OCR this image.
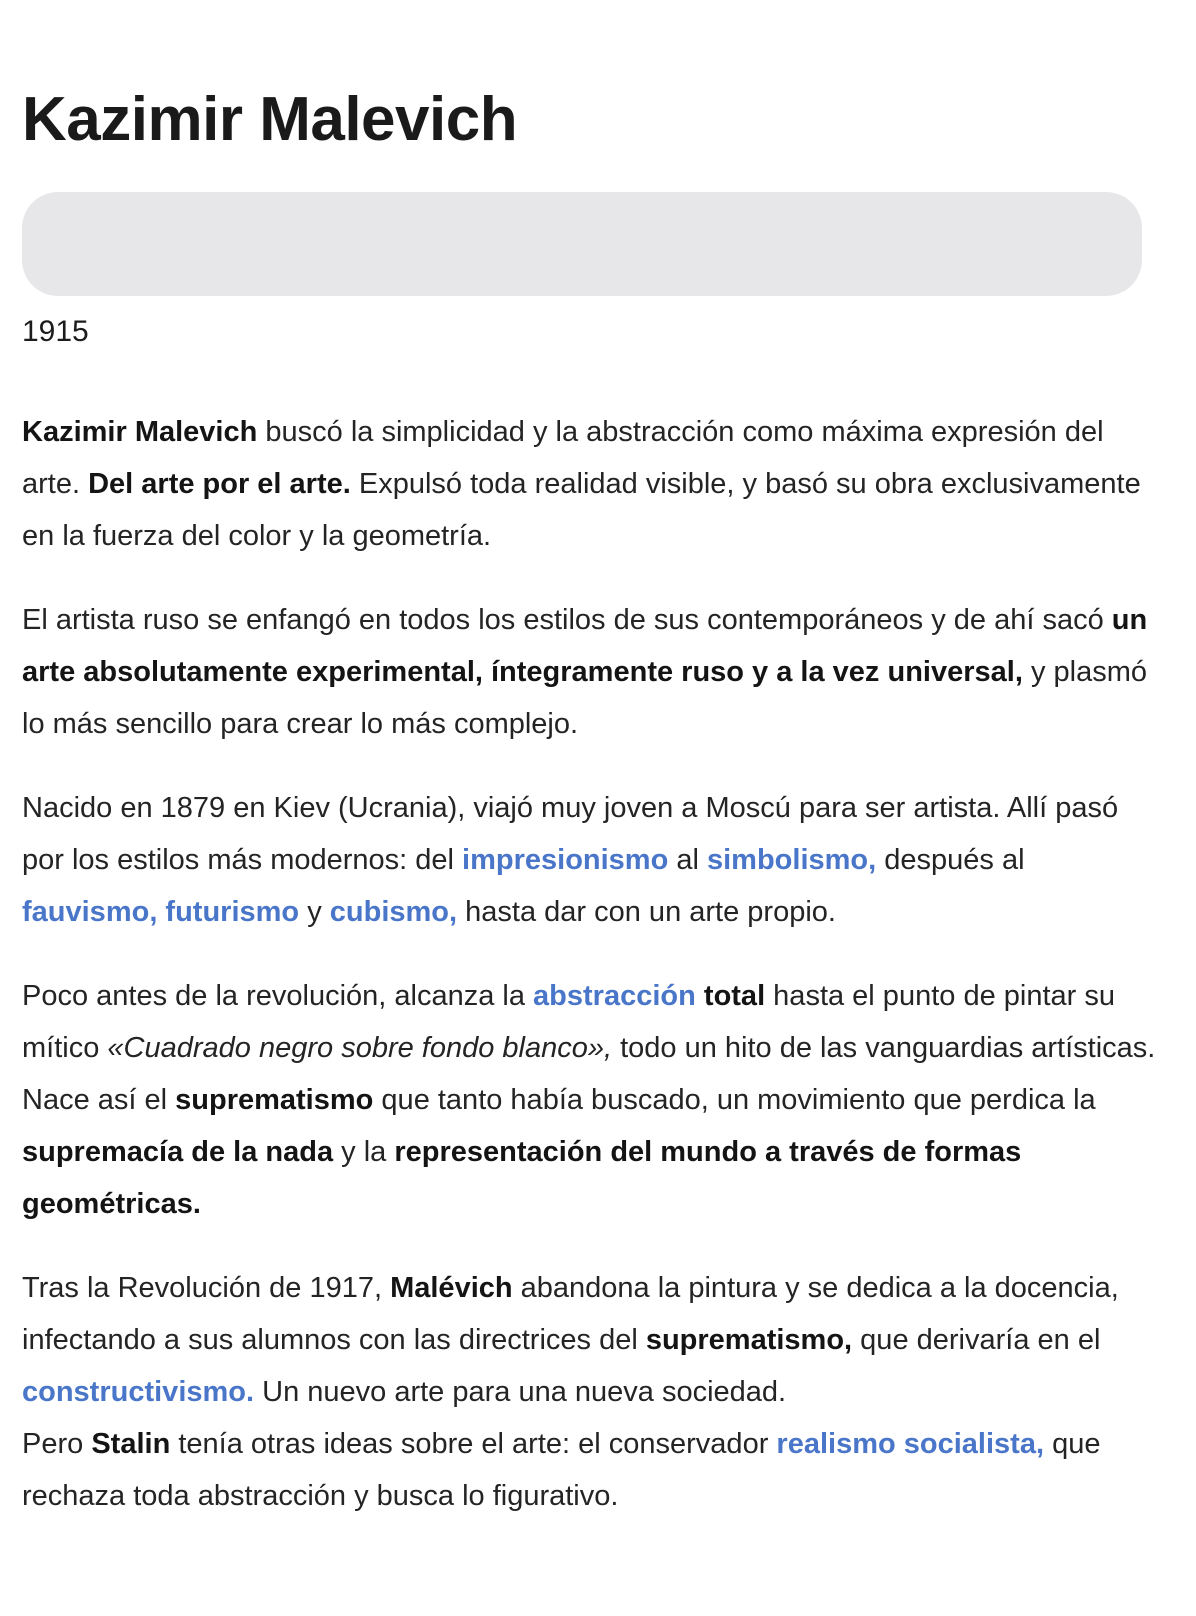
Kazimir Malevich
1915

Kazimir Malevich buscó la simplicidad y la abstracción como máxima expresión del arte. Del arte por el arte. Expulsó toda realidad visible, y basó su obra exclusivamente en la fuerza del color y la geometría.

El artista ruso se enfangó en todos los estilos de sus contemporáneos y de ahí sacó un arte absolutamente experimental, íntegramente ruso y a la vez universal, y plasmó lo más sencillo para crear lo más complejo.

Nacido en 1879 en Kiev (Ucrania), viajó muy joven a Moscú para ser artista. Allí pasó por los estilos más modernos: del impresionismo al simbolismo, después al fauvismo, futurismo y cubismo, hasta dar con un arte propio.

Poco antes de la revolución, alcanza la abstracción total hasta el punto de pintar su mítico «Cuadrado negro sobre fondo blanco», todo un hito de las vanguardias artísticas. Nace así el suprematismo que tanto había buscado, un movimiento que perdica la supremacía de la nada y la representación del mundo a través de formas geométricas.

Tras la Revolución de 1917, Malévich abandona la pintura y se dedica a la docencia, infectando a sus alumnos con las directrices del suprematismo, que derivaría en el constructivismo. Un nuevo arte para una nueva sociedad.

Pero Stalin tenía otras ideas sobre el arte: el conservador realismo socialista, que rechaza toda abstracción y busca lo figurativo.
